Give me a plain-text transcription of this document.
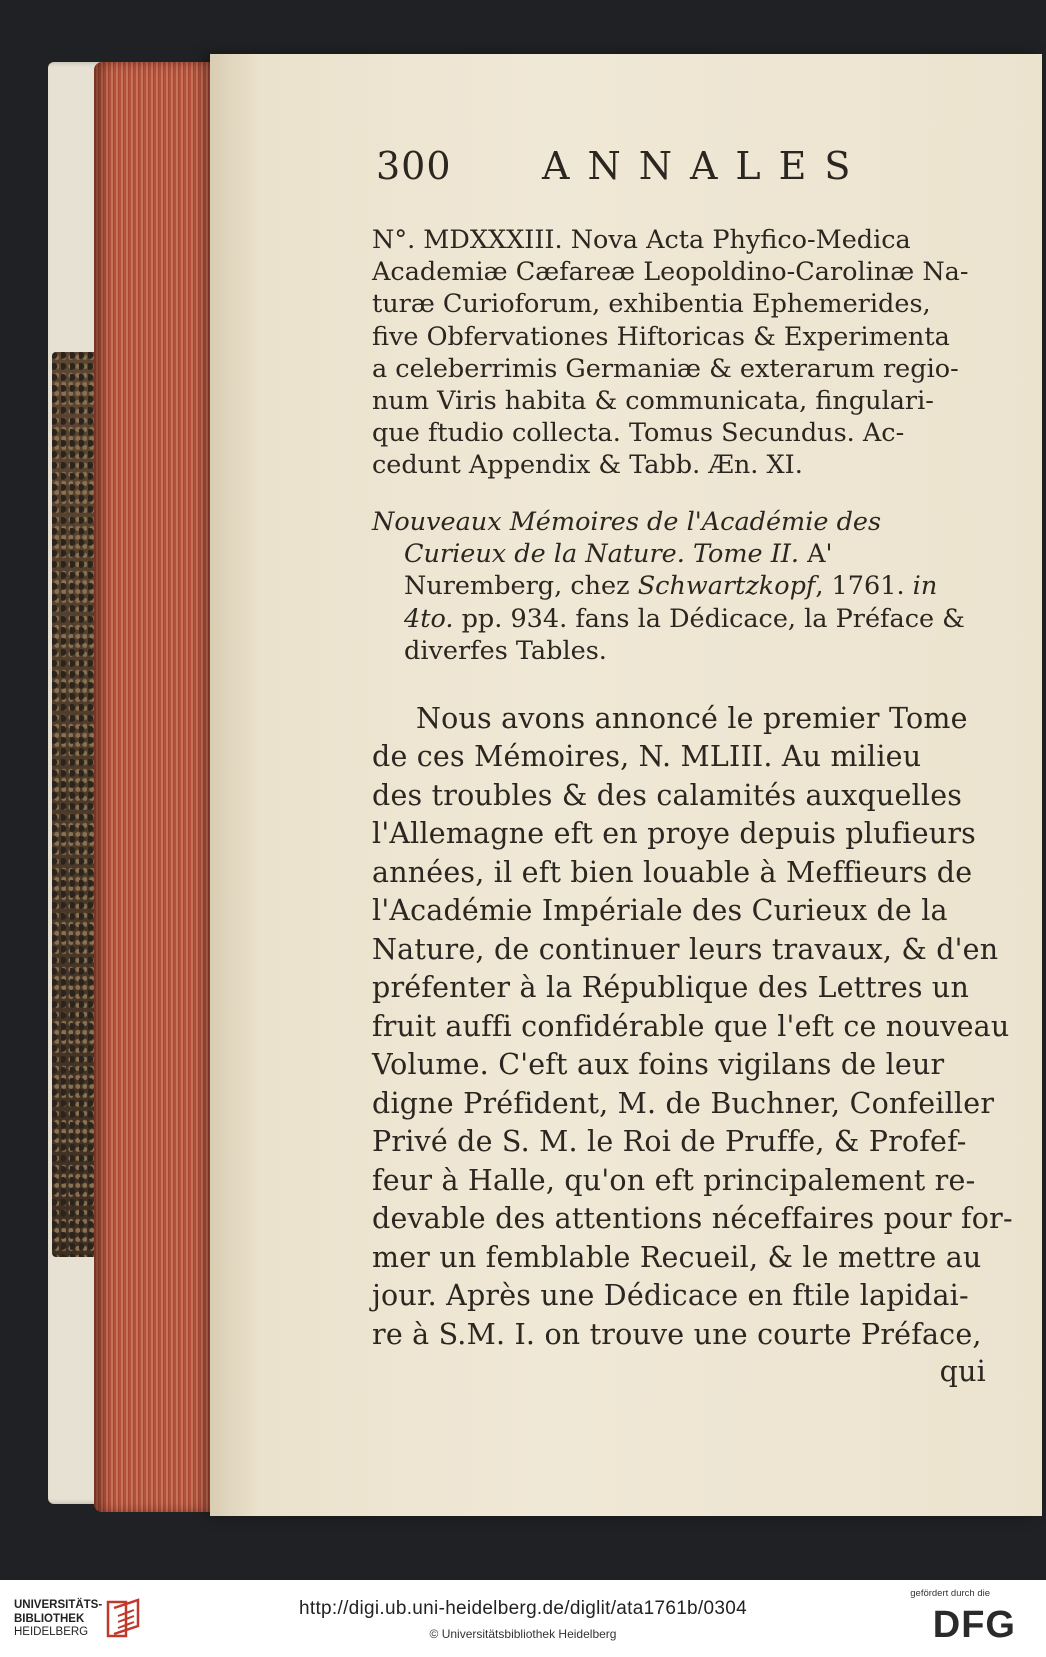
300 ANNALES

N°. MDXXXIII. Nova Acta Phyfico-Medica

Academiæ Cæfareæ Leopoldino-Carolinæ Na-

turæ Curioforum, exhibentia Ephemerides,

five Obfervationes Hiftoricas & Experimenta

a celeberrimis Germaniæ & exterarum regio-

num Viris habita & communicata, fingulari-

que ftudio collecta. Tomus Secundus. Ac-

cedunt Appendix & Tabb. Æn. XI.

Nouveaux Mémoires de l'Académie des Curieux de la Nature. Tome II. A' Nuremberg, chez Schwartzkopf, 1761. in 4to. pp. 934. fans la Dédicace, la Préface & diverfes Tables.

Nous avons annoncé le premier Tome

de ces Mémoires, N. MLIII. Au milieu

des troubles & des calamités auxquelles

l'Allemagne eft en proye depuis plufieurs

années, il eft bien louable à Meffieurs de

l'Académie Impériale des Curieux de la

Nature, de continuer leurs travaux, & d'en

préfenter à la République des Lettres un

fruit auffi confidérable que l'eft ce nouveau

Volume. C'eft aux foins vigilans de leur

digne Préfident, M. de Buchner, Confeiller

Privé de S. M. le Roi de Pruffe, & Profef-

feur à Halle, qu'on eft principalement re-

devable des attentions néceffaires pour for-

mer un femblable Recueil, & le mettre au

jour. Après une Dédicace en ftile lapidai-

re à S.M. I. on trouve une courte Préface,

qui

UNIVERSITÄTS-
BIBLIOTHEK
HEIDELBERG
http://digi.ub.uni-heidelberg.de/diglit/ata1761b/0304
© Universitätsbibliothek Heidelberg
gefördert durch die
DFG
